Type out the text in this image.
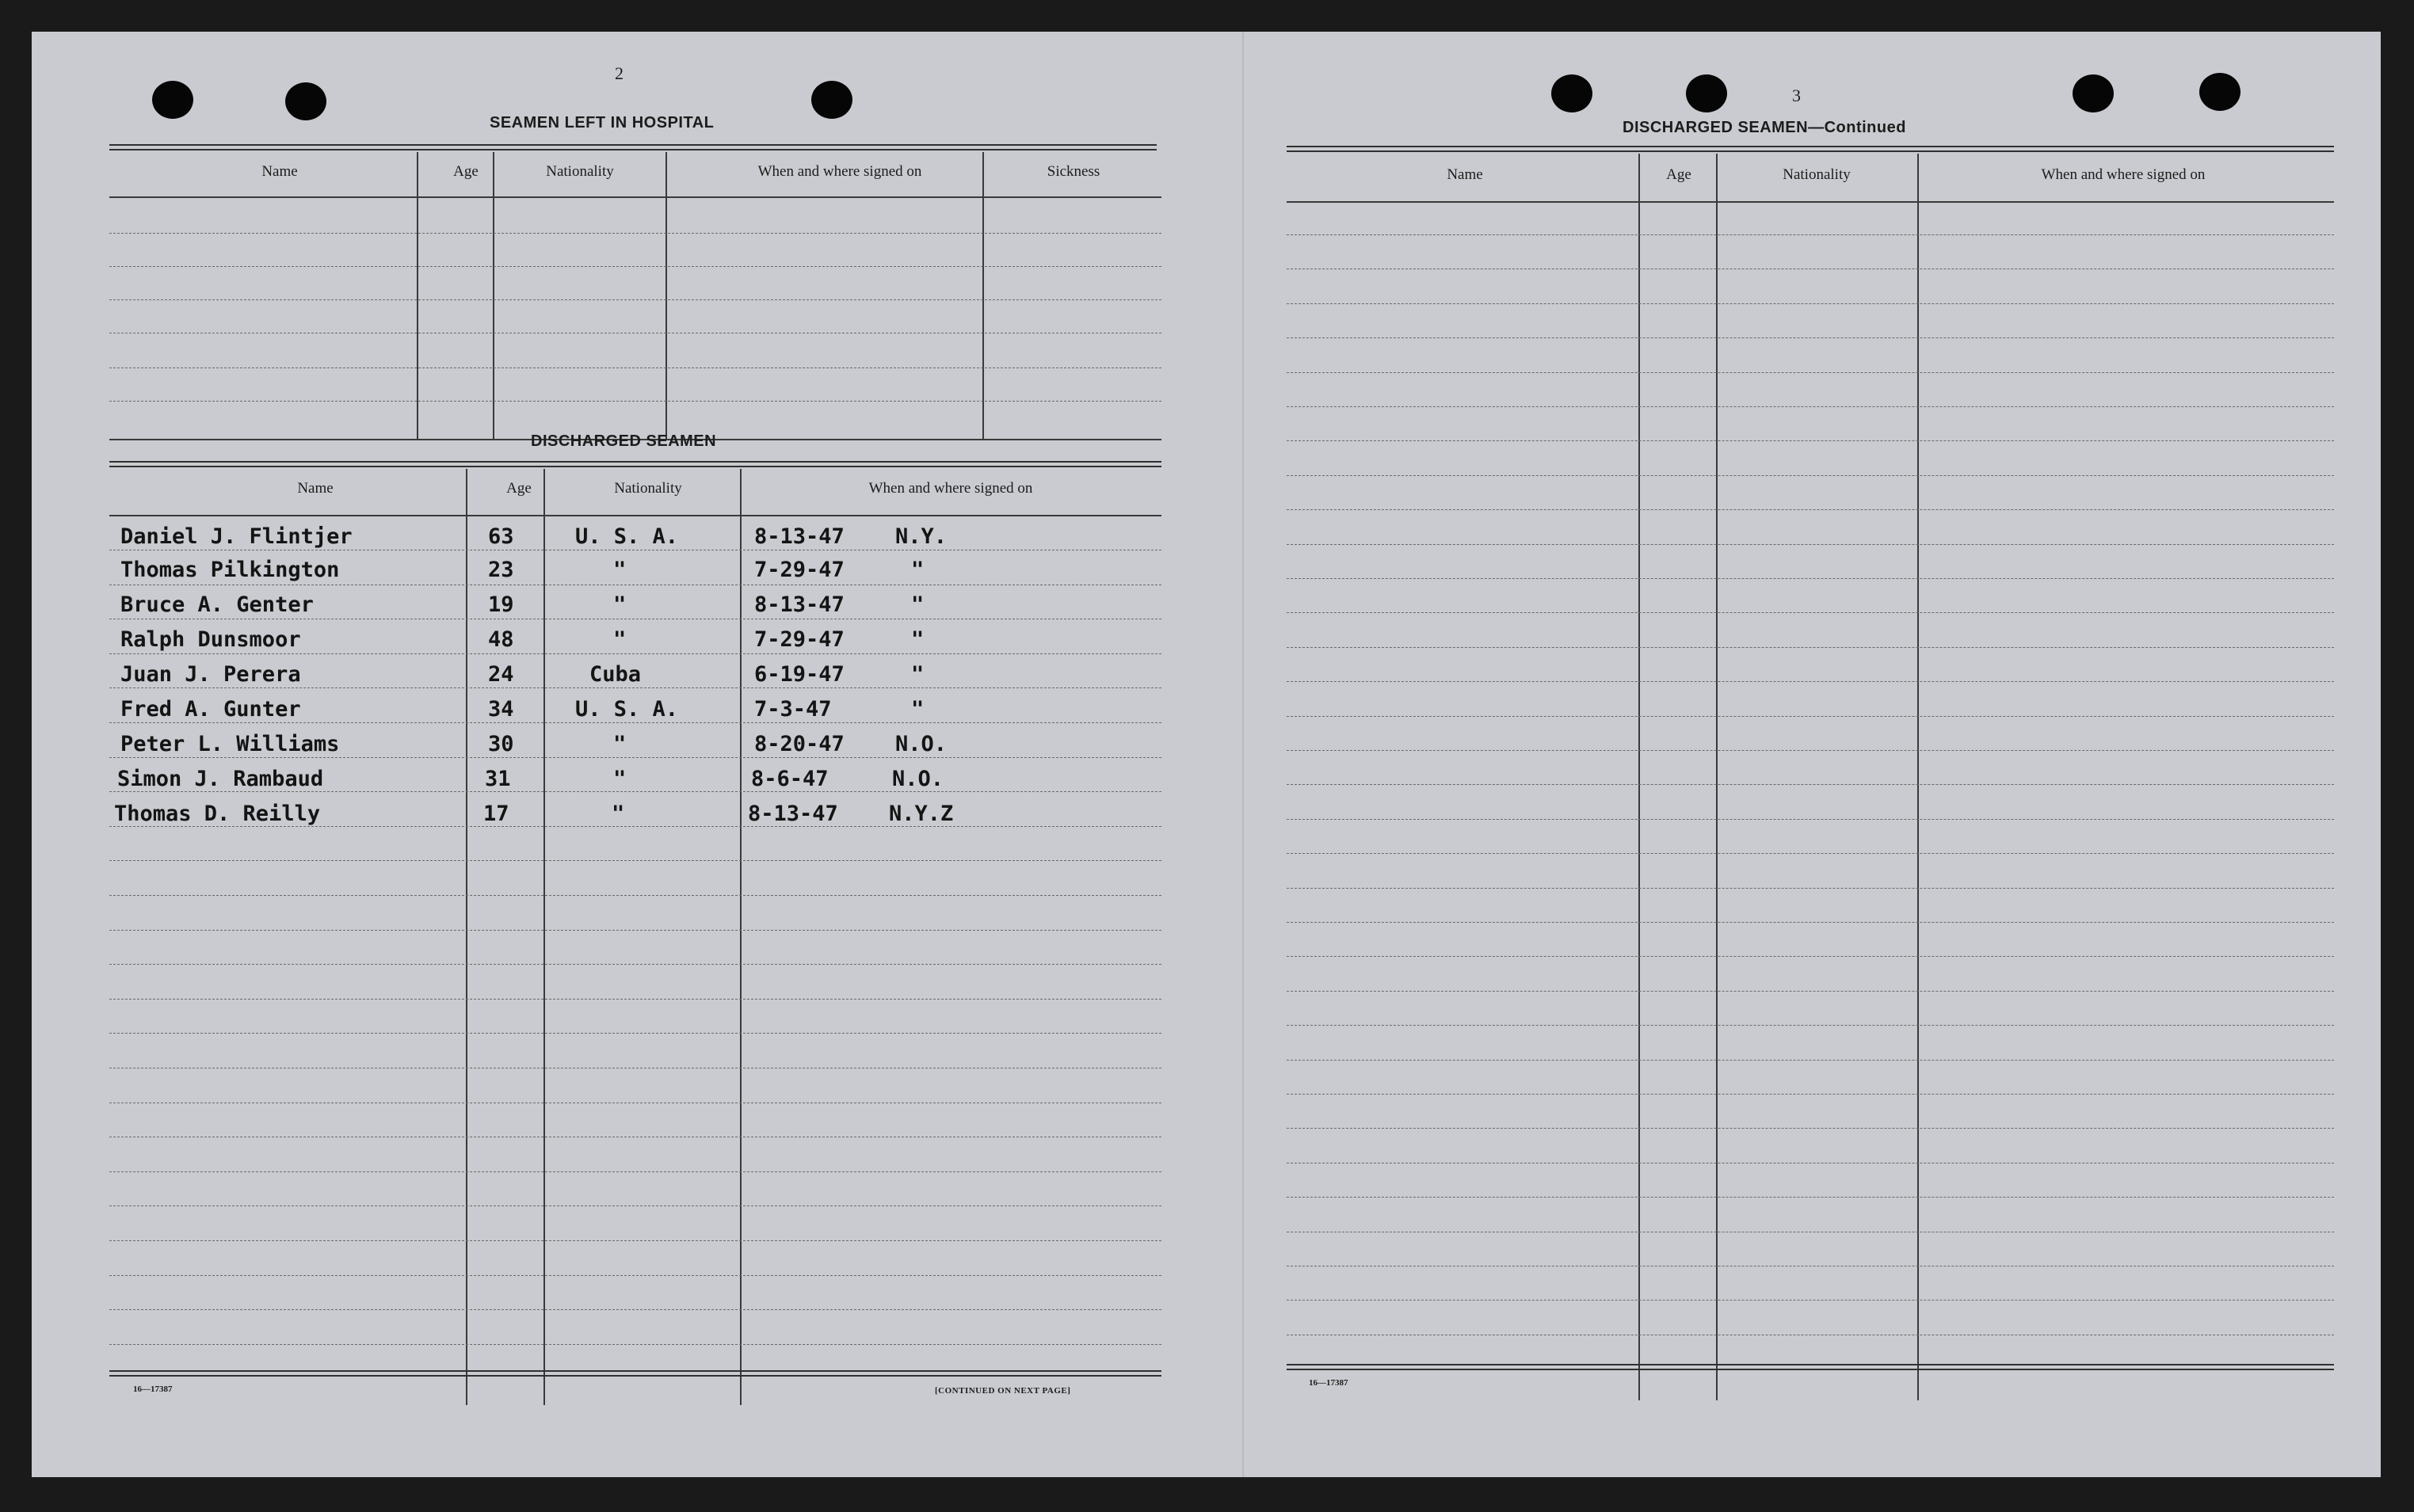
2
SEAMEN LEFT IN HOSPITAL
Name	Age	Nationality	When and where signed on	Sickness
DISCHARGED SEAMEN
Name	Age	Nationality	When and where signed on
Daniel J. Flintjer	63	U. S. A.	8-13-47 N.Y.
Thomas Pilkington	23	"	7-29-47	"
Bruce A. Genter	19	"	8-13-47	"
Ralph Dunsmoor	48	"	7-29-47	"
Juan J. Perera	24	Cuba	6-19-47	"
Fred A. Gunter	34	U. S. A.	7-3-47	"
Peter L. Williams	30	"	8-20-47 N.O.
Simon J. Rambaud	31	"	8-6-47	N.O.
Thomas D. Reilly	17	"	8-13-47 N.Y.Z
16—17387	[CONTINUED ON NEXT PAGE]
3
DISCHARGED SEAMEN—Continued
Name	Age	Nationality	When and where signed on
16—17387
